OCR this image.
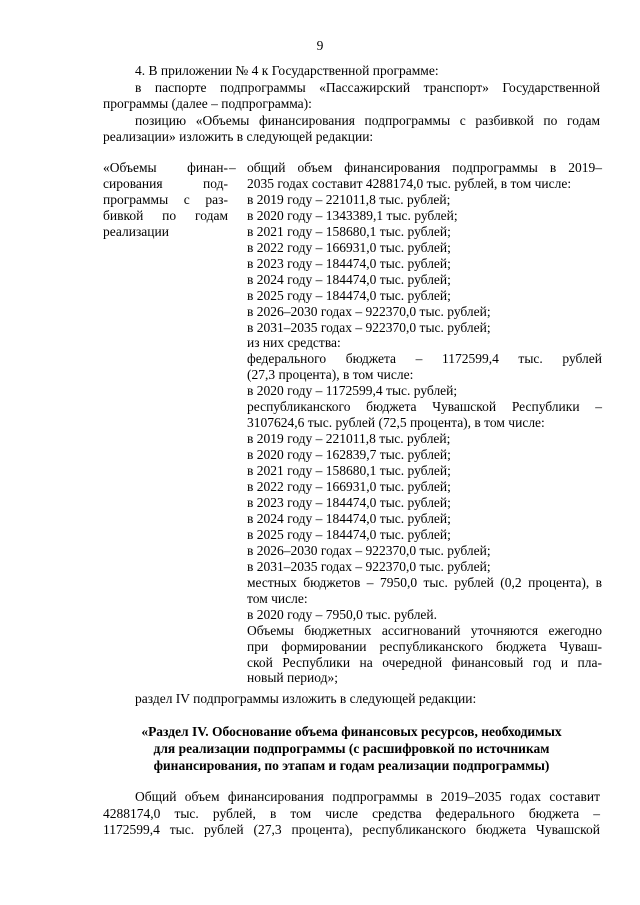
9
4. В приложении № 4 к Государственной программе:
в паспорте подпрограммы «Пассажирский транспорт» Государственной
программы (далее – подпрограмма):
позицию «Объемы финансирования подпрограммы с разбивкой по годам
реализации» изложить в следующей редакции:
«Объемы финан-
сирования под-
программы с раз-
бивкой по годам
реализации
– общий объем финансирования подпрограммы в 2019–
2035 годах составит 4288174,0 тыс. рублей, в том числе:
в 2019 году – 221011,8 тыс. рублей;
в 2020 году – 1343389,1 тыс. рублей;
в 2021 году – 158680,1 тыс. рублей;
в 2022 году – 166931,0 тыс. рублей;
в 2023 году – 184474,0 тыс. рублей;
в 2024 году – 184474,0 тыс. рублей;
в 2025 году – 184474,0 тыс. рублей;
в 2026–2030 годах – 922370,0 тыс. рублей;
в 2031–2035 годах – 922370,0 тыс. рублей;
из них средства:
федерального бюджета – 1172599,4 тыс. рублей
(27,3 процента), в том числе:
в 2020 году – 1172599,4 тыс. рублей;
республиканского бюджета Чувашской Республики –
3107624,6 тыс. рублей (72,5 процента), в том числе:
в 2019 году – 221011,8 тыс. рублей;
в 2020 году – 162839,7 тыс. рублей;
в 2021 году – 158680,1 тыс. рублей;
в 2022 году – 166931,0 тыс. рублей;
в 2023 году – 184474,0 тыс. рублей;
в 2024 году – 184474,0 тыс. рублей;
в 2025 году – 184474,0 тыс. рублей;
в 2026–2030 годах – 922370,0 тыс. рублей;
в 2031–2035 годах – 922370,0 тыс. рублей;
местных бюджетов – 7950,0 тыс. рублей (0,2 процента), в
том числе:
в 2020 году – 7950,0 тыс. рублей.
Объемы бюджетных ассигнований уточняются ежегодно
при формировании республиканского бюджета Чуваш-
ской Республики на очередной финансовый год и пла-
новый период»;
раздел IV подпрограммы изложить в следующей редакции:
«Раздел IV. Обоснование объема финансовых ресурсов, необходимых
для реализации подпрограммы (с расшифровкой по источникам
финансирования, по этапам и годам реализации подпрограммы)
Общий объем финансирования подпрограммы в 2019–2035 годах составит
4288174,0 тыс. рублей, в том числе средства федерального бюджета –
1172599,4 тыс. рублей (27,3 процента), республиканского бюджета Чувашской
